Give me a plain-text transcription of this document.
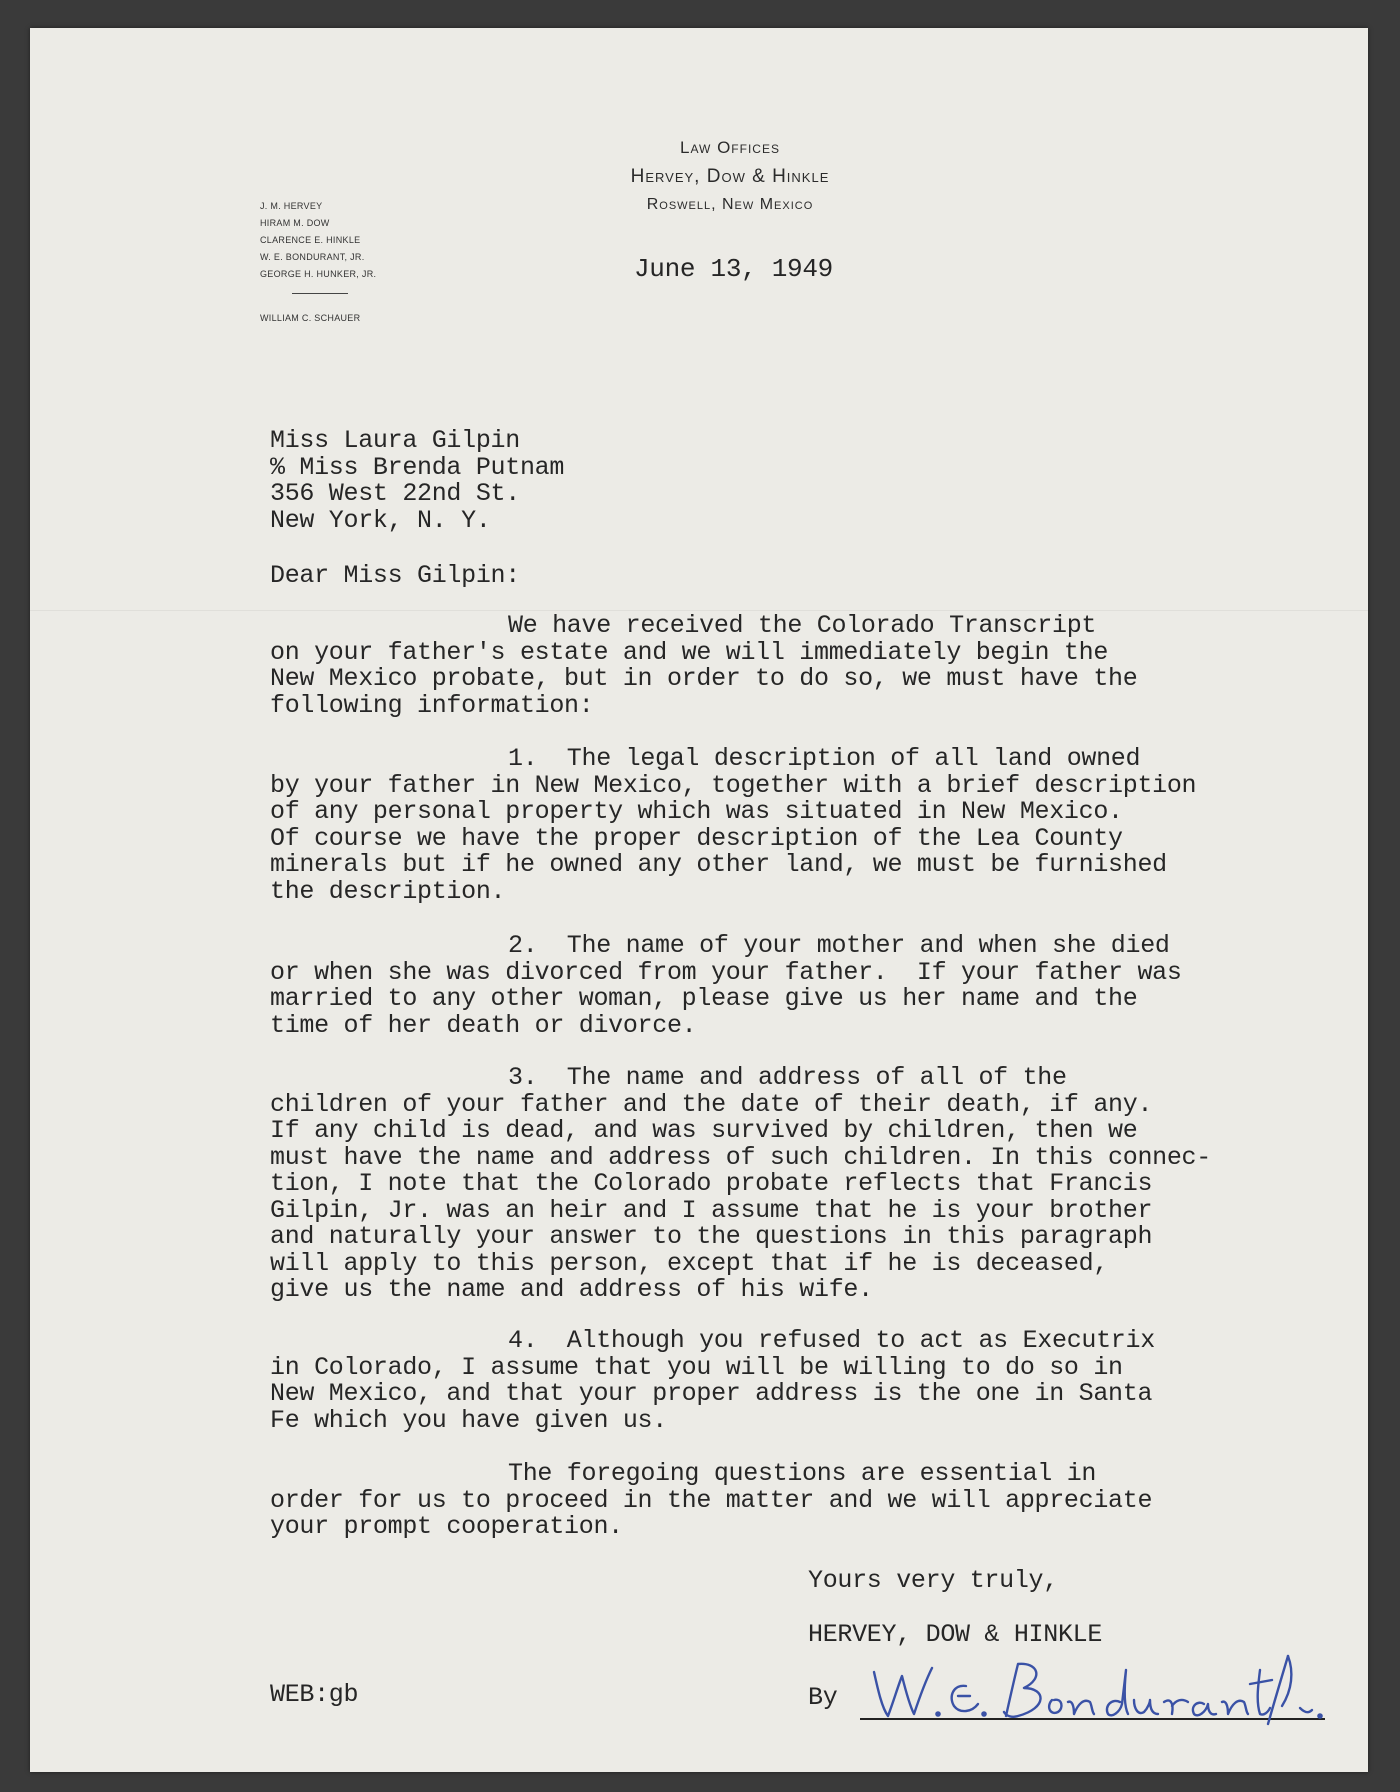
Law Offices
Hervey, Dow & Hinkle
Roswell, New Mexico
J. M. HERVEY
HIRAM M. DOW
CLARENCE E. HINKLE
W. E. BONDURANT, JR.
GEORGE H. HUNKER, JR.
WILLIAM C. SCHAUER
June 13, 1949
Miss Laura Gilpin
% Miss Brenda Putnam
356 West 22nd St.
New York, N. Y.
Dear Miss Gilpin:
We have received the Colorado Transcript
on your father's estate and we will immediately begin the
New Mexico probate, but in order to do so, we must have the
following information:
1.  The legal description of all land owned
by your father in New Mexico, together with a brief description
of any personal property which was situated in New Mexico.
Of course we have the proper description of the Lea County
minerals but if he owned any other land, we must be furnished
the description.
2.  The name of your mother and when she died
or when she was divorced from your father.  If your father was
married to any other woman, please give us her name and the
time of her death or divorce.
3.  The name and address of all of the
children of your father and the date of their death, if any.
If any child is dead, and was survived by children, then we
must have the name and address of such children. In this connec-
tion, I note that the Colorado probate reflects that Francis
Gilpin, Jr. was an heir and I assume that he is your brother
and naturally your answer to the questions in this paragraph
will apply to this person, except that if he is deceased,
give us the name and address of his wife.
4.  Although you refused to act as Executrix
in Colorado, I assume that you will be willing to do so in
New Mexico, and that your proper address is the one in Santa
Fe which you have given us.
The foregoing questions are essential in
order for us to proceed in the matter and we will appreciate
your prompt cooperation.
Yours very truly,
HERVEY, DOW & HINKLE
WEB:gb	By
